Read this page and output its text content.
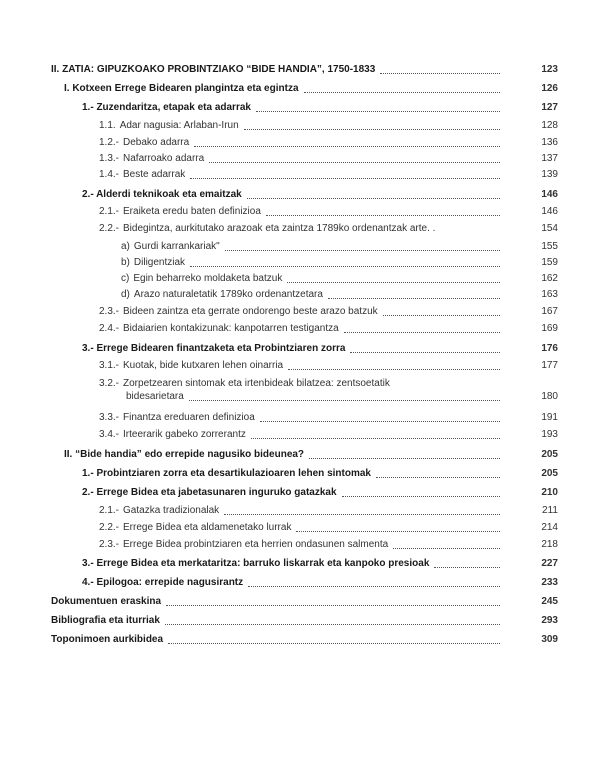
II. ZATIA: GIPUZKOAKO PROBINTZIAKO “BIDE HANDIA”, 1750-1833	123
I. Kotxeen Errege Bidearen plangintza eta egintza	126
1.- Zuzendaritza, etapak eta adarrak	127
1.1. Adar nagusia: Arlaban-Irun	128
1.2.- Debako adarra	136
1.3.- Nafarroako adarra	137
1.4.- Beste adarrak	139
2.- Alderdi teknikoak eta emaitzak	146
2.1.- Eraiketa eredu baten definizioa	146
2.2.- Bidegintza, aurkitutako arazoak eta zaintza 1789ko ordenantzak arte. .	154
a) Gurdi karrankariak"	155
b) Diligentziak	159
c) Egin beharreko moldaketa batzuk	162
d) Arazo naturaletatik 1789ko ordenantzetara	163
2.3.- Bideen zaintza eta gerrate ondorengo beste arazo batzuk	167
2.4.- Bidaiarien kontakizunak: kanpotarren testigantza	169
3.- Errege Bidearen finantzaketa eta Probintziaren zorra	176
3.1.- Kuotak, bide kutxaren lehen oinarria	177
3.2.- Zorpetzearen sintomak eta irtenbideak bilatzea: zentsoetatik
bidesarietara	180
3.3.- Finantza ereduaren definizioa	191
3.4.- Irteerarik gabeko zorrerantz	193
II. “Bide handia” edo errepide nagusiko bideunea?	205
1.- Probintziaren zorra eta desartikulazioaren lehen sintomak	205
2.- Errege Bidea eta jabetasunaren inguruko gatazkak	210
2.1.- Gatazka tradizionalak	211
2.2.- Errege Bidea eta aldamenetako lurrak	214
2.3.- Errege Bidea probintziaren eta herrien ondasunen salmenta	218
3.- Errege Bidea eta merkataritza: barruko liskarrak eta kanpoko presioak	227
4.- Epilogoa: errepide nagusirantz	233
Dokumentuen eraskina	245
Bibliografia eta iturriak	293
Toponimoen aurkibidea	309
